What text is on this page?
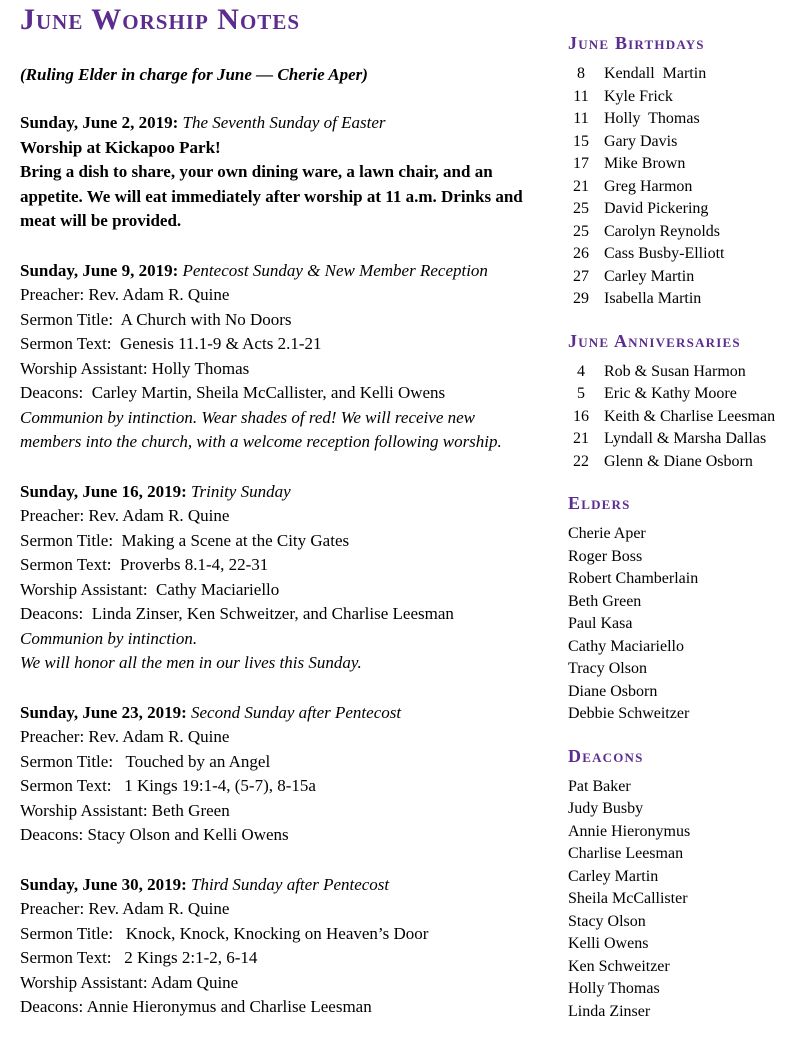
June Worship Notes

(Ruling Elder in charge for June — Cherie Aper)

Sunday, June 2, 2019: The Seventh Sunday of Easter

Worship at Kickapoo Park!

Bring a dish to share, your own dining ware, a lawn chair, and an appetite. We will eat immediately after worship at 11 a.m. Drinks and meat will be provided.

Sunday, June 9, 2019: Pentecost Sunday & New Member Reception

Preacher: Rev. Adam R. Quine

Sermon Title:  A Church with No Doors

Sermon Text:  Genesis 11.1-9 & Acts 2.1-21

Worship Assistant: Holly Thomas

Deacons:  Carley Martin, Sheila McCallister, and Kelli Owens

Communion by intinction. Wear shades of red! We will receive new members into the church, with a welcome reception following worship.

Sunday, June 16, 2019: Trinity Sunday

Preacher: Rev. Adam R. Quine

Sermon Title:  Making a Scene at the City Gates

Sermon Text:  Proverbs 8.1-4, 22-31

Worship Assistant:  Cathy Maciariello

Deacons:  Linda Zinser, Ken Schweitzer, and Charlise Leesman

Communion by intinction.

We will honor all the men in our lives this Sunday.

Sunday, June 23, 2019: Second Sunday after Pentecost

Preacher: Rev. Adam R. Quine

Sermon Title:   Touched by an Angel

Sermon Text:   1 Kings 19:1-4, (5-7), 8-15a

Worship Assistant: Beth Green

Deacons: Stacy Olson and Kelli Owens

Sunday, June 30, 2019: Third Sunday after Pentecost

Preacher: Rev. Adam R. Quine

Sermon Title:   Knock, Knock, Knocking on Heaven’s Door

Sermon Text:   2 Kings 2:1-2, 6-14

Worship Assistant: Adam Quine

Deacons: Annie Hieronymus and Charlise Leesman

June Birthdays
8	Kendall  Martin
11 Kyle Frick
11 Holly  Thomas
15 Gary Davis
17 Mike Brown
21 Greg Harmon
25 David Pickering
25 Carolyn Reynolds
26 Cass Busby-Elliott
27 Carley Martin
29 Isabella Martin
June Anniversaries
4	Rob & Susan Harmon
5	Eric & Kathy Moore
16 Keith & Charlise Leesman
21 Lyndall & Marsha Dallas
22 Glenn & Diane Osborn
Elders

Cherie Aper

Roger Boss

Robert Chamberlain

Beth Green

Paul Kasa

Cathy Maciariello

Tracy Olson

Diane Osborn

Debbie Schweitzer

Deacons

Pat Baker

Judy Busby

Annie Hieronymus

Charlise Leesman

Carley Martin

Sheila McCallister

Stacy Olson

Kelli Owens

Ken Schweitzer

Holly Thomas

Linda Zinser
